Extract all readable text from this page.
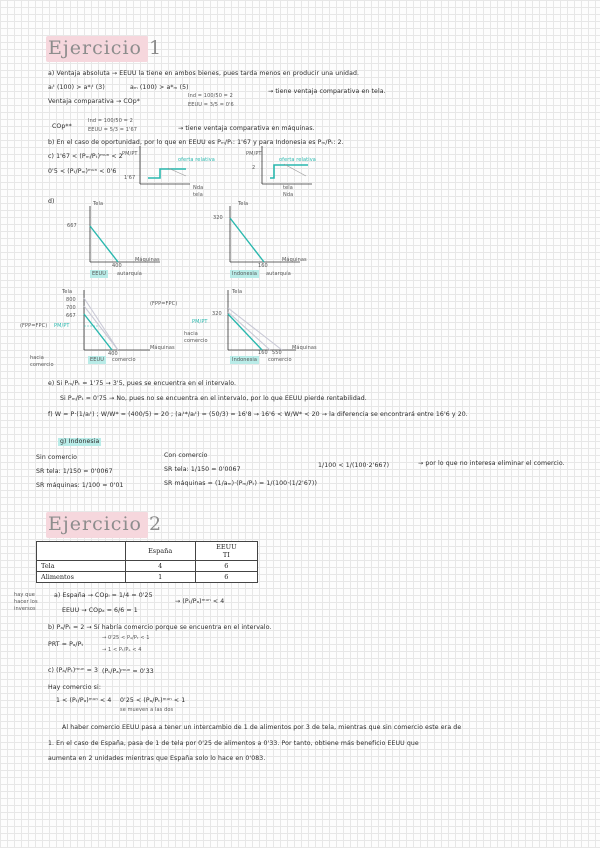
Ejercicio 1
a) Ventaja absoluta → EEUU la tiene en ambos bienes, pues tarda menos en producir una unidad.
aₗᵗ (100) > a*ₗᵗ (3)	aₘ (100) > a*ₘ (5)
Ventaja comparativa → COp*
Ind = 100/50 = 2
EEUU = 3/5 = 0'6
→ tiene ventaja comparativa en tela.
COp**
Ind = 100/50 = 2
EEUU = 5/3 = 1'67	→ tiene ventaja comparativa en máquinas.
b) En el caso de oportunidad, por lo que en EEUU es Pₘ/Pₜ: 1'67 y para Indonesia es Pₘ/Pₜ: 2.
c) 1'67 < (Pₘ/Pₜ)ᵐᵘⁿ < 2
0'5 < (Pₜ/Pₘ)ᵐᵘⁿ < 0'6
PM/PT
1'67
oferta relativa
Nda
tela
PM/PT
2
oferta relativa
tela
Nda
d)	Tela
667
400
Máquinas
EEUU	autarquía
Tela
320
160
Máquinas
Indonesia	autarquía
Tela
800
700
667
(FPP=FPC) PM/PT
400
Máquinas
hacia
comercio
EEUU	comercio
Tela
(FPP=FPC)
320
PM/PT
hacia
comercio
160 550
Máquinas
Indonesia	comercio
e) Si Pₘ/Pₜ = 1'75 → 3'5, pues se encuentra en el intervalo.
Si Pₘ/Pₜ = 0'75 → No, pues no se encuentra en el intervalo, por lo que EEUU pierde rentabilidad.
f) W = P·(1/aₗᵗ) ; W/W* = (400/5) = 20 ; (aₗᵗ*/aₗᵗ) = (50/3) = 16'8 → 16'6 < W/W* < 20 → la diferencia se encontrará entre 16'6 y 20.
g) Indonesia
Sin comercio
SR tela: 1/150 = 0'0067
SR máquinas: 1/100 = 0'01
Con comercio
SR tela: 1/150 = 0'0067
SR máquinas = (1/aₘ)·(Pₘ/Pₜ) = 1/(100·(1/2'67))
1/100 < 1/(100·2'667)	→ por lo que no interesa eliminar el comercio.
Ejercicio 2
	España	EEUU
TI

Tela	4	6
Alimentos	1	6
hay que
hacer los
inversos
a) España → COpₗ = 1/4 = 0'25
→ (Pₜ/Pₐ)ᵐᵘⁿ < 4
EEUU → COpₐ = 6/6 = 1
b) Pₐ/Pₜ = 2 → Sí habría comercio porque se encuentra en el intervalo.
PRT = Pₐ/Pₜ
→ 0'25 < Pₐ/Pₜ < 1
→ 1 < Pₜ/Pₐ < 4
c) (Pₐ/Pₜ)ᵐᵘⁿ = 3 (Pₜ/Pₐ)ᵐᵘⁿ = 0'33
Hay comercio si:
1 < (Pₜ/Pₐ)ᵐᵘⁿ < 4 0'25 < (Pₐ/Pₜ)ᵐᵘⁿ < 1
se mueven a las dos
Al haber comercio EEUU pasa a tener un intercambio de 1 de alimentos por 3 de tela, mientras que sin comercio este era de
1. En el caso de España, pasa de 1 de tela por 0'25 de alimentos a 0'33. Por tanto, obtiene más beneficio EEUU que
aumenta en 2 unidades mientras que España solo lo hace en 0'083.
